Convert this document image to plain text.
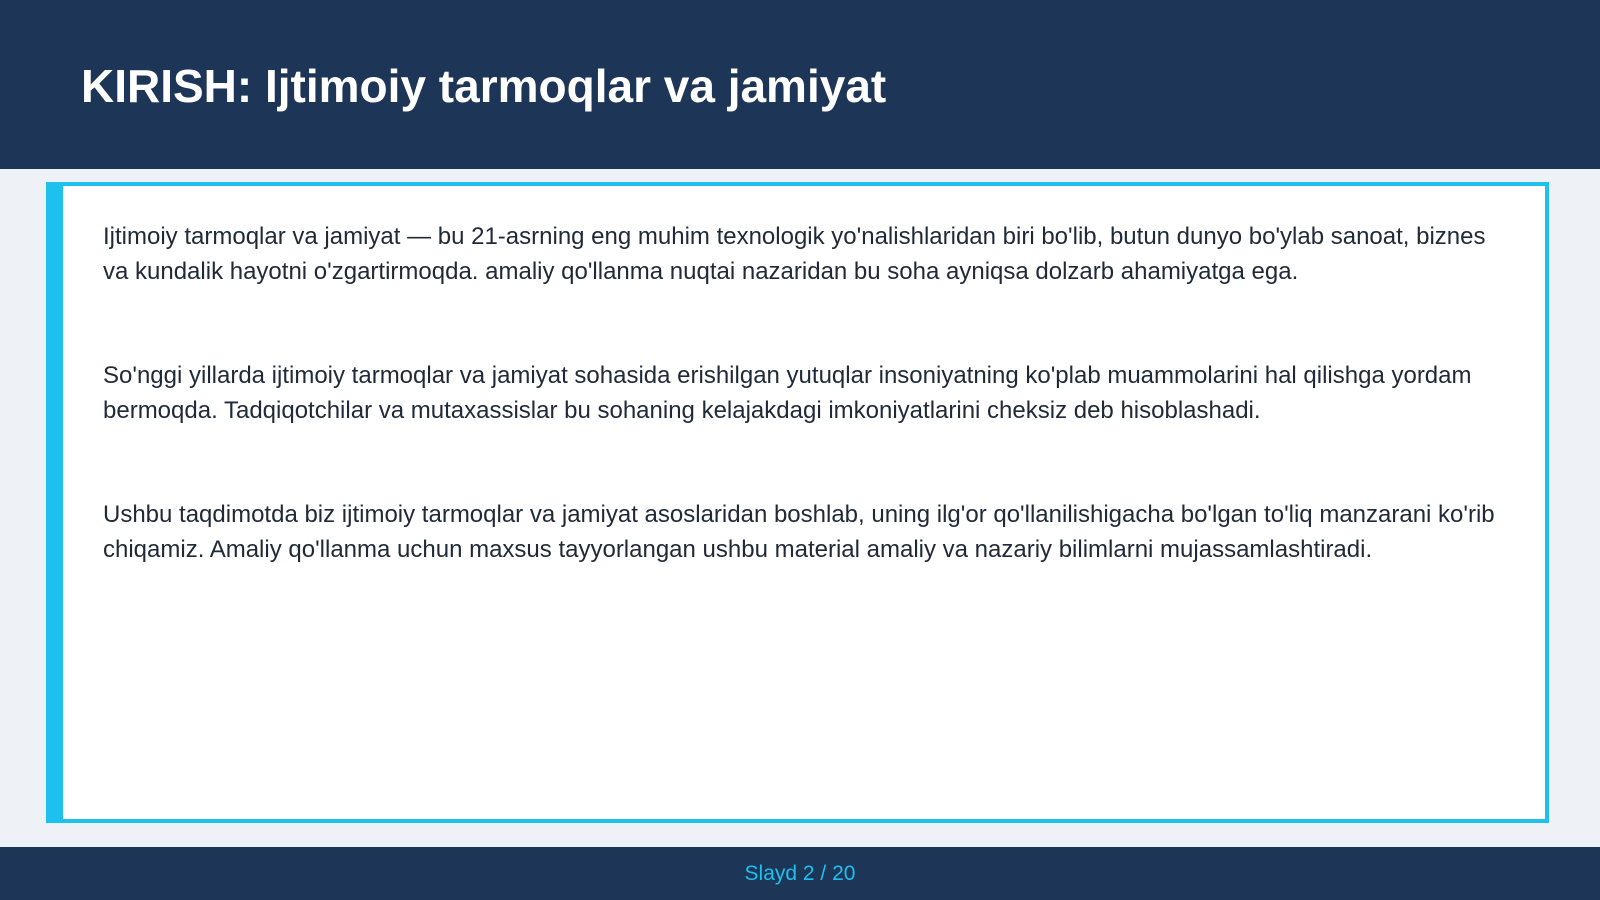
KIRISH: Ijtimoiy tarmoqlar va jamiyat

Ijtimoiy tarmoqlar va jamiyat — bu 21-asrning eng muhim texnologik yo'nalishlaridan biri bo'lib, butun dunyo bo'ylab sanoat, biznes va kundalik hayotni o'zgartirmoqda. amaliy qo'llanma nuqtai nazaridan bu soha ayniqsa dolzarb ahamiyatga ega.

So'nggi yillarda ijtimoiy tarmoqlar va jamiyat sohasida erishilgan yutuqlar insoniyatning ko'plab muammolarini hal qilishga yordam bermoqda. Tadqiqotchilar va mutaxassislar bu sohaning kelajakdagi imkoniyatlarini cheksiz deb hisoblashadi.

Ushbu taqdimotda biz ijtimoiy tarmoqlar va jamiyat asoslaridan boshlab, uning ilg'or qo'llanilishigacha bo'lgan to'liq manzarani ko'rib chiqamiz. Amaliy qo'llanma uchun maxsus tayyorlangan ushbu material amaliy va nazariy bilimlarni mujassamlashtiradi.

Slayd 2 / 20
